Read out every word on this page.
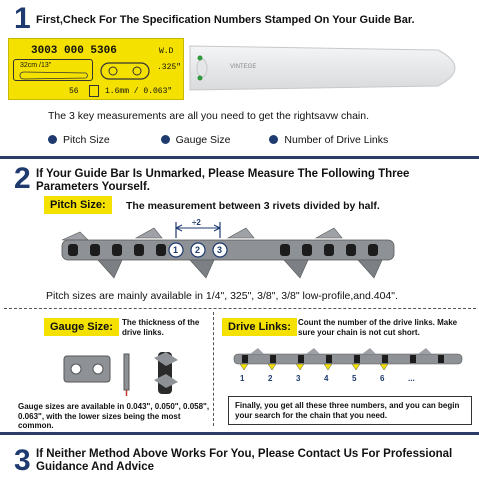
1 First,Check For The Specification Numbers Stamped On Your Guide Bar.
3003 000 5306	W.D
32cm /13"	.325"
56	1.6mm / 0.063"
VINTEGE
The 3 key measurements are all you need to get the rightsavw chain.
Pitch Size	Gauge Size	Number of Drive Links
2 If Your Guide Bar Is Unmarked, Please Measure The Following Three Parameters Yourself.
Pitch Size:	The measurement between 3 rivets divided by half.
÷2
1 2 3
Pitch sizes are mainly available in 1/4", 325", 3/8", 3/8" low-profile,and.404".
Gauge Size:	The thickness of the drive links.
Gauge sizes are available in 0.043", 0.050", 0.058", 0.063", with the lower sizes being the most common.
Drive Links: Count the number of the drive links. Make sure your chain is not cut short.
1	2	3	4	5	6	...
Finally, you get all these three numbers, and you can begin your search for the chain that you need.
3 If Neither Method Above Works For You, Please Contact Us For Professional Guidance And Advice
